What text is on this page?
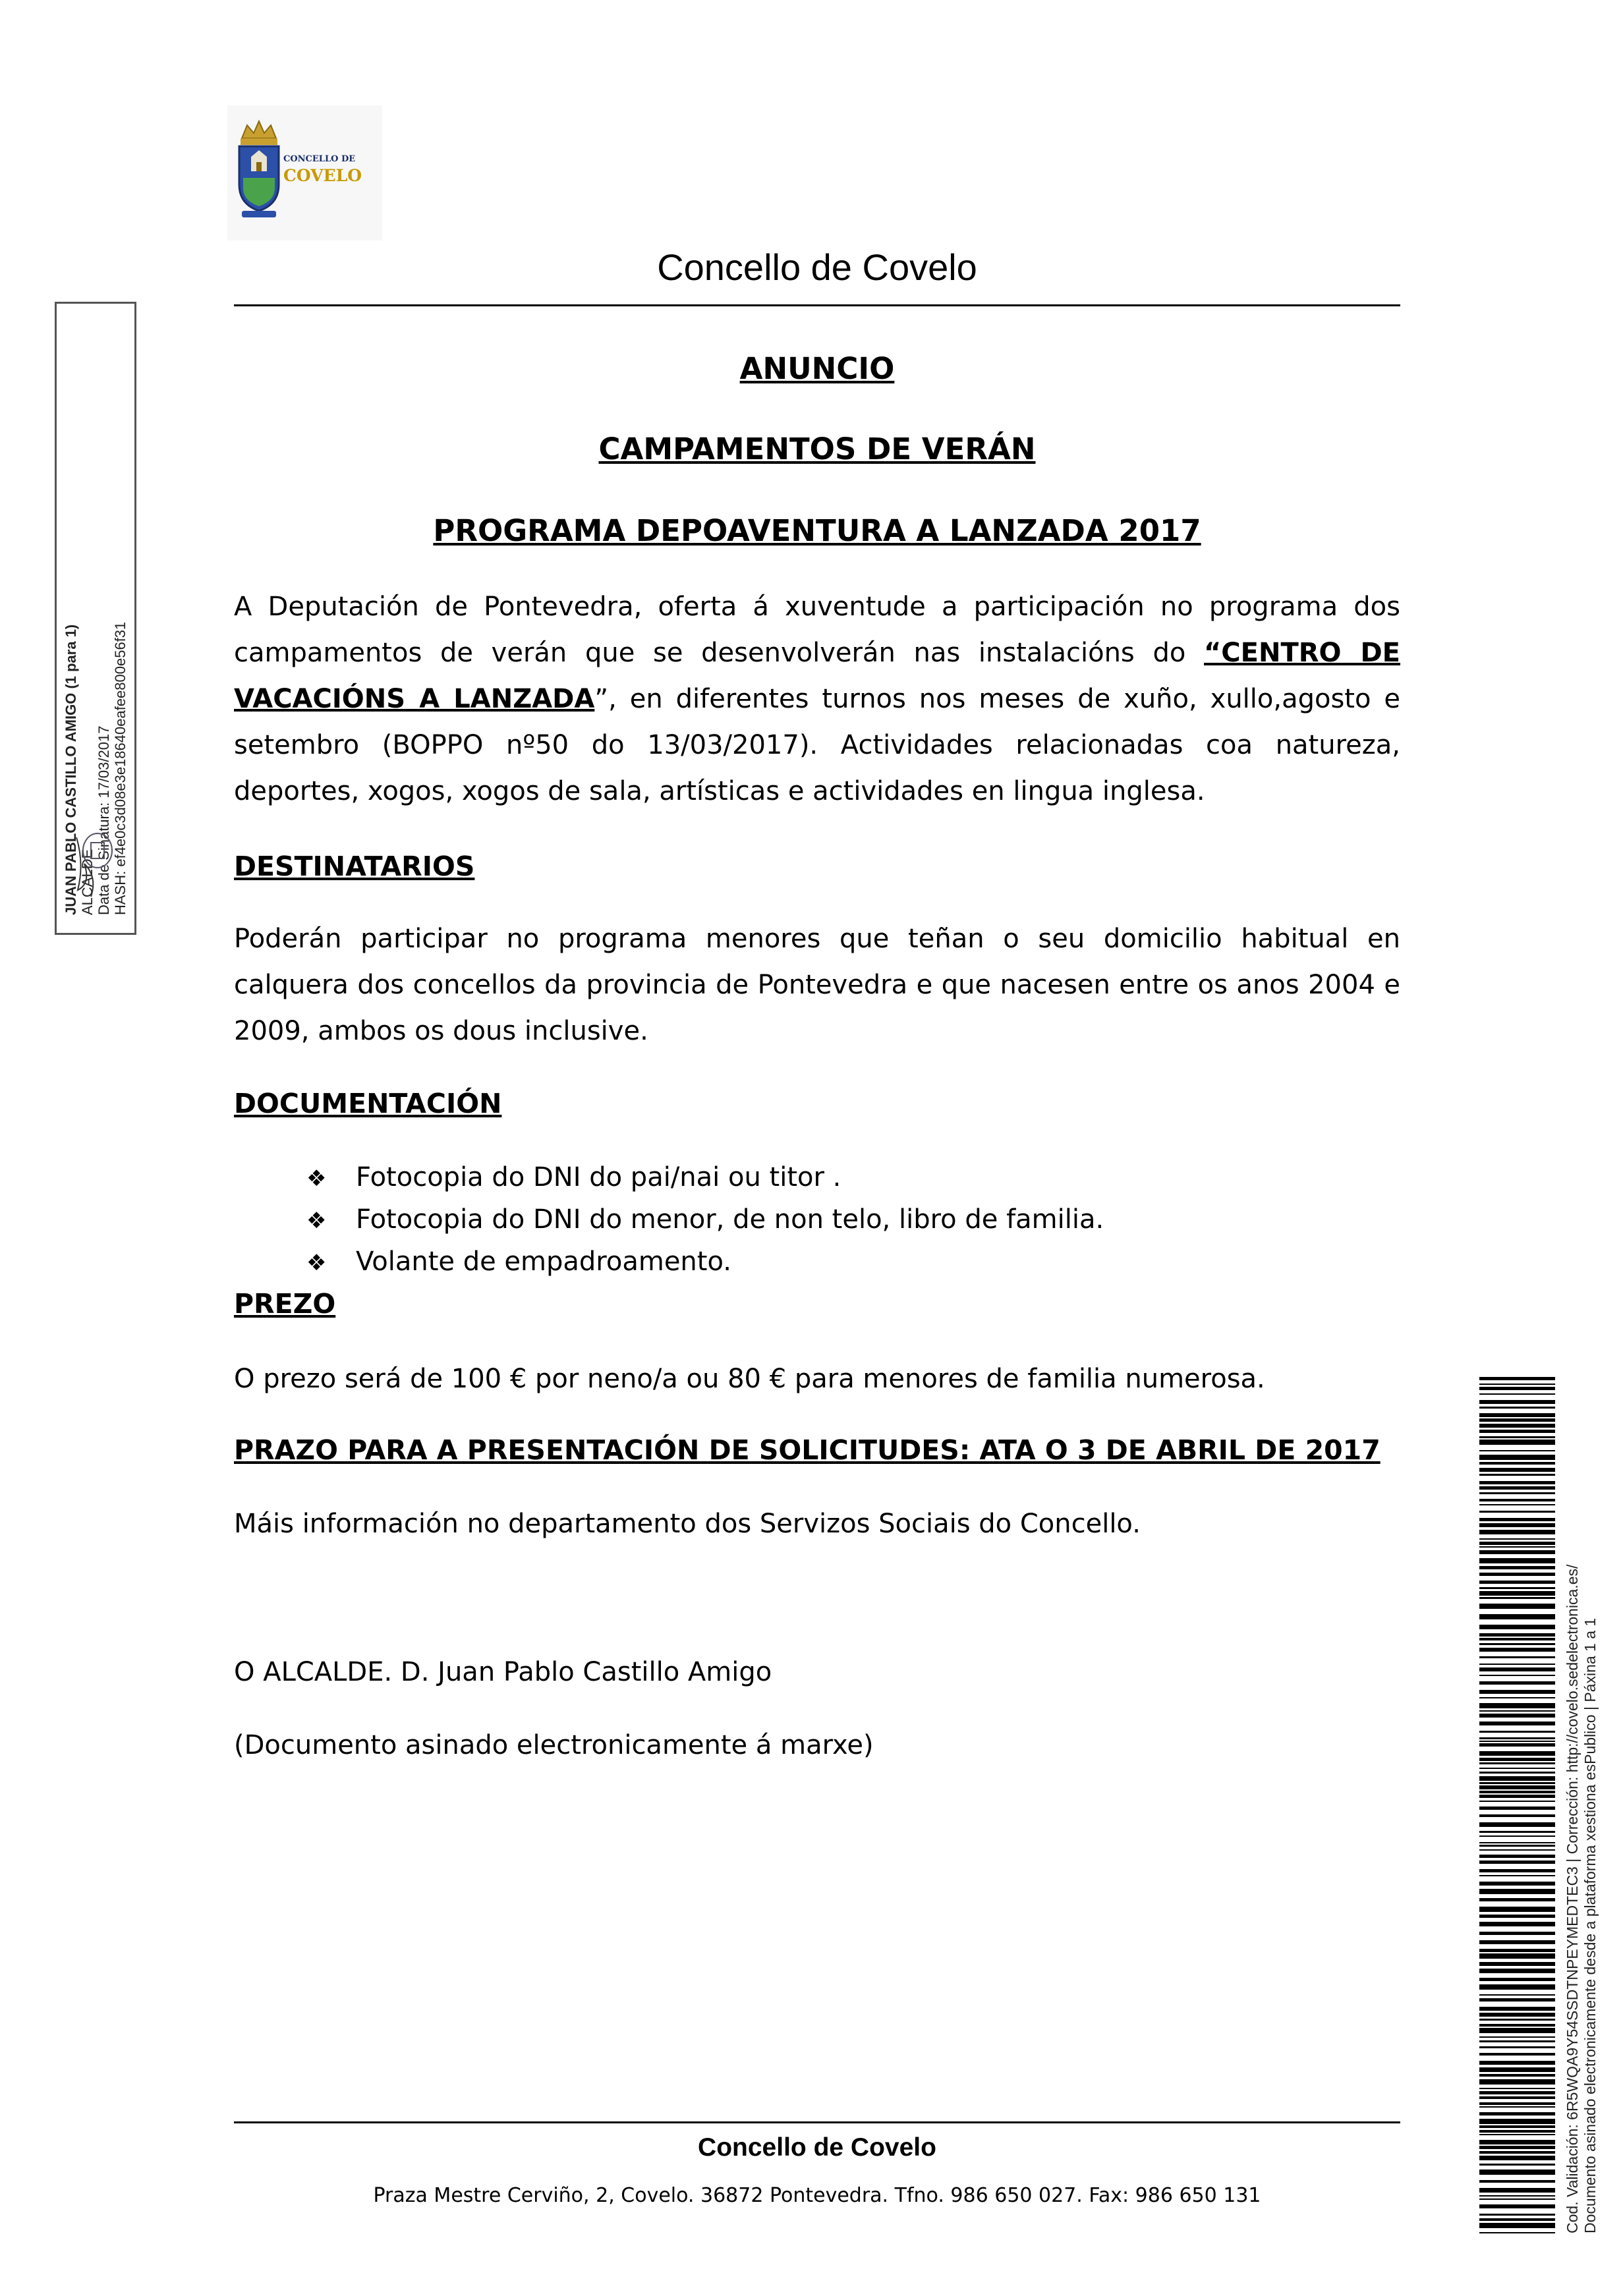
CONCELLO DE
COVELO
Concello de Covelo
ANUNCIO
CAMPAMENTOS DE VERÁN
PROGRAMA DEPOAVENTURA A LANZADA 2017
A Deputación de Pontevedra, oferta á xuventude a participación no programa dos campamentos de verán que se desenvolverán nas instalacións do “CENTRO DE VACACIÓNS A LANZADA”, en diferentes turnos nos meses de xuño, xullo,agosto e setembro (BOPPO nº50 do 13/03/2017). Actividades relacionadas coa natureza, deportes, xogos, xogos de sala, artísticas e actividades en lingua inglesa.
DESTINATARIOS
Poderán participar no programa menores que teñan o seu domicilio habitual en calquera dos concellos da provincia de Pontevedra e que nacesen entre os anos 2004 e 2009, ambos os dous inclusive.
DOCUMENTACIÓN
❖ Fotocopia do DNI do pai/nai ou titor .
❖ Fotocopia do DNI do menor, de non telo, libro de familia.
❖ Volante de empadroamento.
PREZO
O prezo será de 100 € por neno/a ou 80 € para menores de familia numerosa.
PRAZO PARA A PRESENTACIÓN DE SOLICITUDES: ATA O 3 DE ABRIL DE 2017
Máis información no departamento dos Servizos Sociais do Concello.
O ALCALDE. D. Juan Pablo Castillo Amigo
(Documento asinado electronicamente á marxe)
JUAN PABLO CASTILLO AMIGO (1 para 1) ALCALDE Data de Sinatura: 17/03/2017 HASH: ef4e0c3d08e3e18640eafee800e56f31
Cod. Validación: 6R5WQA9Y54SSDTNPEYMEDTEC3 | Corrección: http://covelo.sedelectronica.es/ Documento asinado electronicamente desde a plataforma xestiona esPublico | Páxina 1 a 1
Concello de Covelo
Praza Mestre Cerviño, 2, Covelo. 36872 Pontevedra. Tfno. 986 650 027. Fax: 986 650 131
